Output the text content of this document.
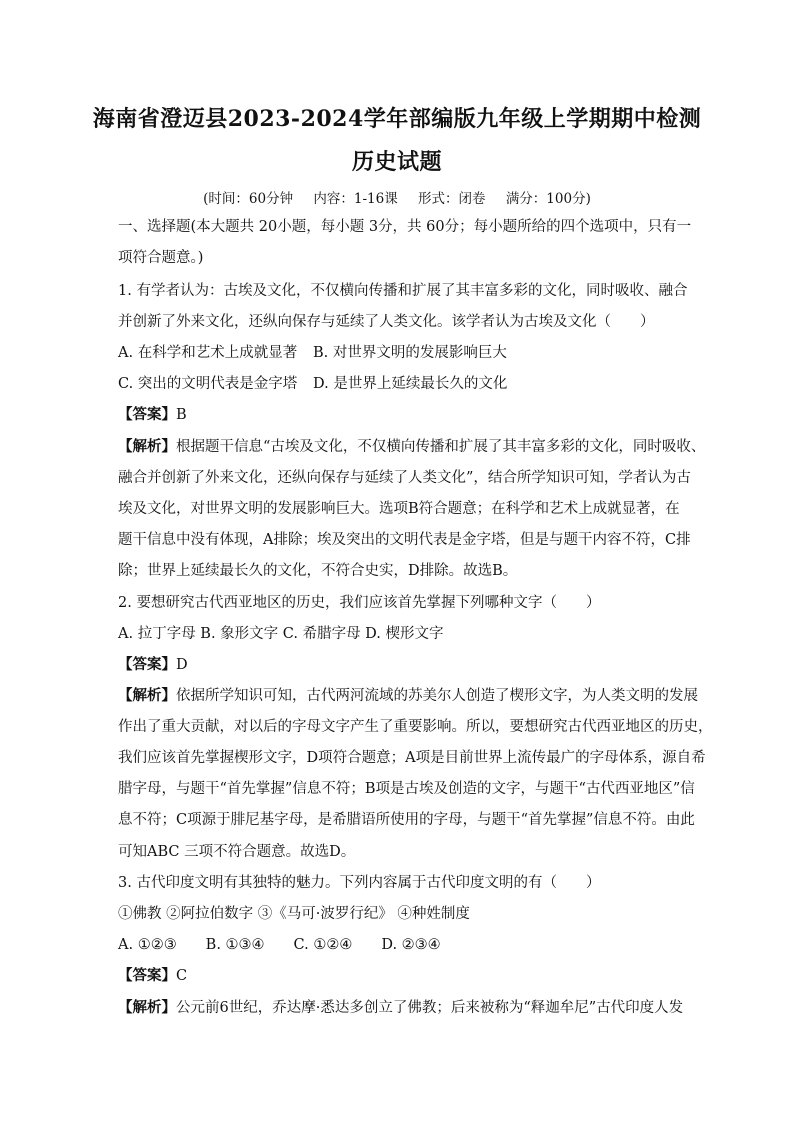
海南省澄迈县2023-2024学年部编版九年级上学期期中检测
历史试题
(时间：60分钟 内容：1-16课 形式：闭卷 满分：100分)
一、选择题(本大题共 20小题，每小题 3分，共 60分；每小题所给的四个选项中，只有一
项符合题意。)
1. 有学者认为：古埃及文化，不仅横向传播和扩展了其丰富多彩的文化，同时吸收、融合
并创新了外来文化，还纵向保存与延续了人类文化。该学者认为古埃及文化（　　）
A. 在科学和艺术上成就显著 B. 对世界文明的发展影响巨大
C. 突出的文明代表是金字塔 D. 是世界上延续最长久的文化
【答案】B
【解析】根据题干信息“古埃及文化，不仅横向传播和扩展了其丰富多彩的文化，同时吸收、
融合并创新了外来文化，还纵向保存与延续了人类文化”，结合所学知识可知，学者认为古
埃及文化，对世界文明的发展影响巨大。选项B符合题意；在科学和艺术上成就显著，在
题干信息中没有体现，A排除；埃及突出的文明代表是金字塔，但是与题干内容不符，C排
除；世界上延续最长久的文化，不符合史实，D排除。故选B。
2. 要想研究古代西亚地区的历史，我们应该首先掌握下列哪种文字（　　）
A. 拉丁字母 B. 象形文字 C. 希腊字母 D. 楔形文字
【答案】D
【解析】依据所学知识可知，古代两河流域的苏美尔人创造了楔形文字，为人类文明的发展
作出了重大贡献，对以后的字母文字产生了重要影响。所以，要想研究古代西亚地区的历史，
我们应该首先掌握楔形文字，D项符合题意；A项是目前世界上流传最广的字母体系，源自希
腊字母，与题干“首先掌握”信息不符；B项是古埃及创造的文字，与题干“古代西亚地区”信
息不符；C项源于腓尼基字母，是希腊语所使用的字母，与题干“首先掌握”信息不符。由此
可知ABC 三项不符合题意。故选D。
3. 古代印度文明有其独特的魅力。下列内容属于古代印度文明的有（　　）
①佛教 ②阿拉伯数字 ③《马可·波罗行纪》 ④种姓制度
A. ①②③　　B. ①③④　　C. ①②④　　D. ②③④
【答案】C
【解析】公元前6世纪，乔达摩·悉达多创立了佛教；后来被称为“释迦牟尼”古代印度人发
